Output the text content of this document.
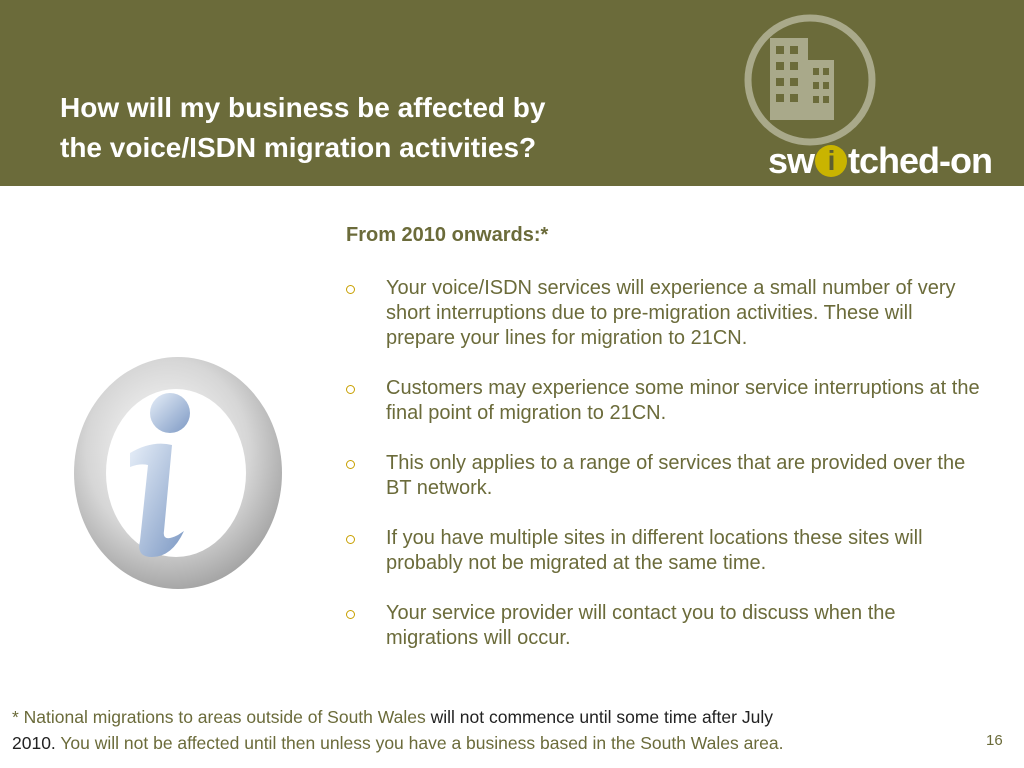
How will my business be affected by
the voice/ISDN migration activities?	sw i tched-on
From 2010 onwards:*
Your voice/ISDN services will experience a small number of very short interruptions due to pre-migration activities. These will prepare your lines for migration to 21CN.
Customers may experience some minor service interruptions at the final point of migration to 21CN.
This only applies to a range of services that are provided over the BT network.
If you have multiple sites in different locations these sites will probably not be migrated at the same time.
Your service provider will contact you to discuss when the migrations will occur.
* National migrations to areas outside of South Wales will not commence until some time after July
2010. You will not be affected until then unless you have a business based in the South Wales area.	16
